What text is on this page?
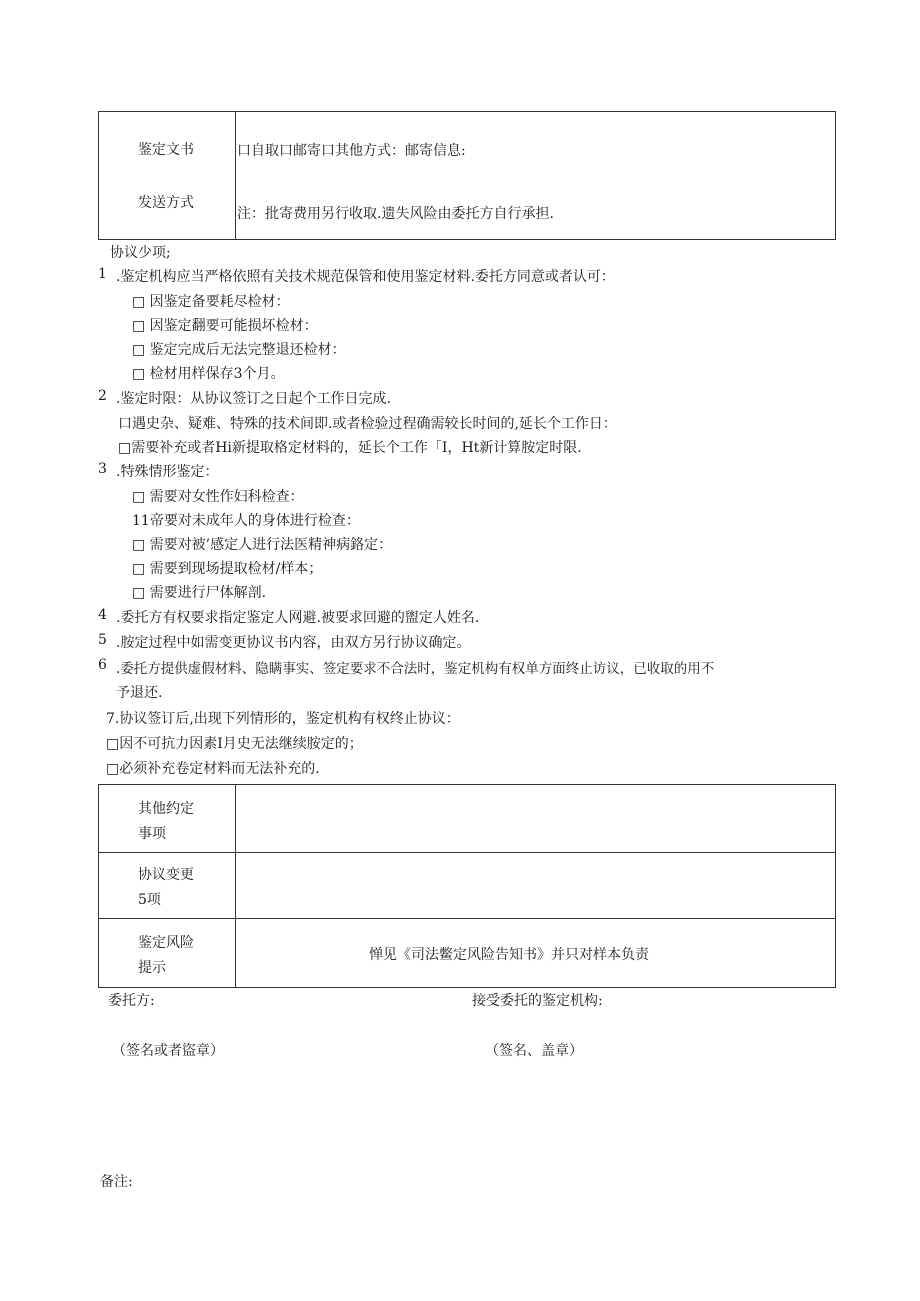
鉴定文书
发送方式
口自取口邮寄口其他方式：邮寄信息:
注：批寄费用另行收取.遗失风险由委托方自行承担.
协议少项;
1 .鉴定机构应当严格依照有关技术规范保管和使用鉴定材料.委托方同意或者认可：
□ 因鉴定备要耗尽检材：
□ 因鉴定翻要可能损坏检材：
□ 鉴定完成后无法完整退还检材：
□ 检材用样保存3个月。
2 .鉴定时限：从协议签订之日起个工作日完成.
口遇史杂、疑难、特殊的技术间即.或者检验过程确需较长时间的,延长个工作日：
□需要补充或者Hi新提取格定材料的，延长个工作「I，Ht新计算胺定时限.
3 .特殊情形鉴定：
□ 需要对女性作妇科检查：
11帝要对未成年人的身体进行检查：
□ 需要对被’感定人进行法医精神病鉻定：
□ 需要到现场提取检材/样本；
□ 需要进行尸体解剖.
4 .委托方有权要求指定鉴定人网避.被要求回避的盥定人姓名.
5 .胺定过程中如需变更协议书内容，由双方另行协议确定。
6 .委托方提供虚假材料、隐瞒事实、签定要求不合法时，鉴定机构有权单方面终止访议，已收取的用不
予退还.
7.协议签订后,出现下列情形的，鉴定机构有权终止协议：
□因不可抗力因素I月史无法继续胺定的；
□必须补充卷定材料而无法补充的.
其他约定
事项
协议变更
5项
鉴定风险
提示
惮见《司法鳖定风险告知书》并只对样本负责
委托方:	接受委托的鉴定机构:
（签名或者盜章）	（签名、盖章）
备注:
